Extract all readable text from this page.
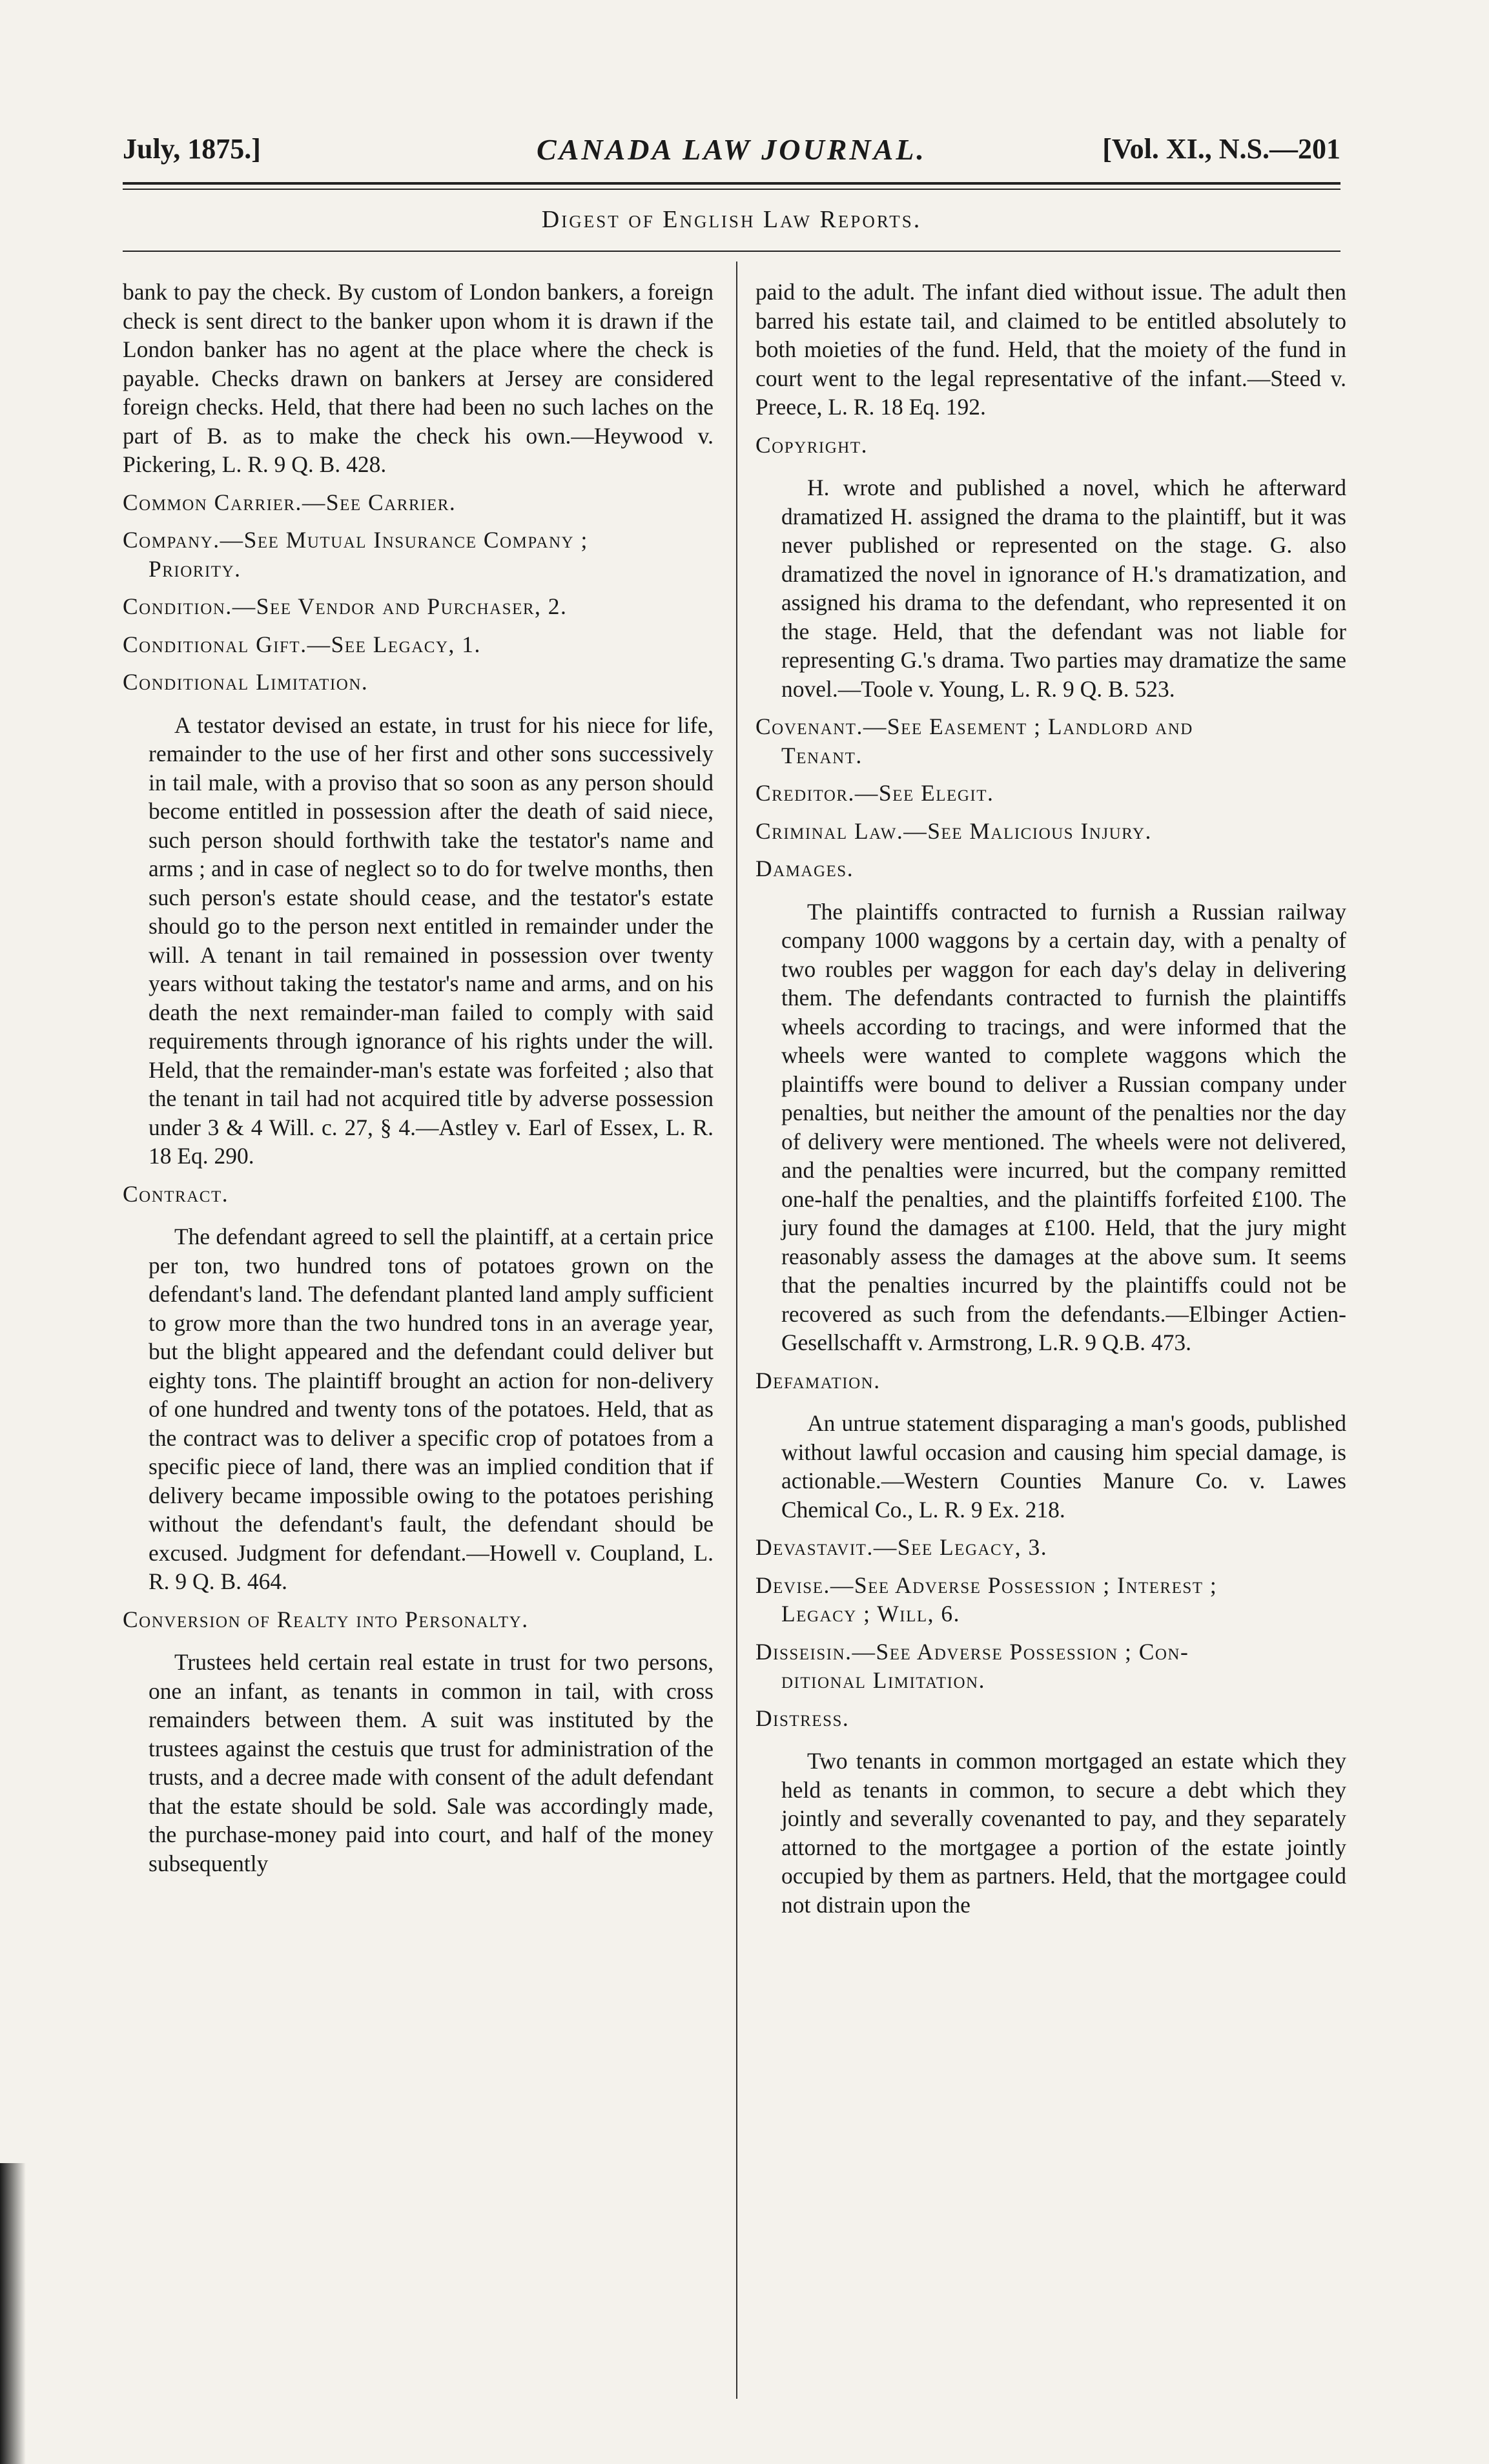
July, 1875.]	CANADA LAW JOURNAL.	[Vol. XI., N.S.—201
Digest of English Law Reports.

bank to pay the check. By custom of London bankers, a foreign check is sent direct to the banker upon whom it is drawn if the London banker has no agent at the place where the check is payable. Checks drawn on bankers at Jersey are considered foreign checks. Held, that there had been no such laches on the part of B. as to make the check his own.—Heywood v. Pickering, L. R. 9 Q. B. 428.

Common Carrier.—See Carrier.
Company.—See Mutual Insurance Company ;
Priority.
Condition.—See Vendor and Purchaser, 2.
Conditional Gift.—See Legacy, 1.
Conditional Limitation.

A testator devised an estate, in trust for his niece for life, remainder to the use of her first and other sons successively in tail male, with a proviso that so soon as any person should become entitled in possession after the death of said niece, such person should forthwith take the testator's name and arms ; and in case of neglect so to do for twelve months, then such person's estate should cease, and the testator's estate should go to the person next entitled in remainder under the will. A tenant in tail remained in possession over twenty years without taking the testator's name and arms, and on his death the next remainder-man failed to comply with said requirements through ignorance of his rights under the will. Held, that the remainder-man's estate was forfeited ; also that the tenant in tail had not acquired title by adverse possession under 3 & 4 Will. c. 27, § 4.—Astley v. Earl of Essex, L. R. 18 Eq. 290.

Contract.

The defendant agreed to sell the plaintiff, at a certain price per ton, two hundred tons of potatoes grown on the defendant's land. The defendant planted land amply sufficient to grow more than the two hundred tons in an average year, but the blight appeared and the defendant could deliver but eighty tons. The plaintiff brought an action for non-delivery of one hundred and twenty tons of the potatoes. Held, that as the contract was to deliver a specific crop of potatoes from a specific piece of land, there was an implied condition that if delivery became impossible owing to the potatoes perishing without the defendant's fault, the defendant should be excused. Judgment for defendant.—Howell v. Coupland, L. R. 9 Q. B. 464.

Conversion of Realty into Personalty.

Trustees held certain real estate in trust for two persons, one an infant, as tenants in common in tail, with cross remainders between them. A suit was instituted by the trustees against the cestuis que trust for administration of the trusts, and a decree made with consent of the adult defendant that the estate should be sold. Sale was accordingly made, the purchase-money paid into court, and half of the money subsequently

paid to the adult. The infant died without issue. The adult then barred his estate tail, and claimed to be entitled absolutely to both moieties of the fund. Held, that the moiety of the fund in court went to the legal representative of the infant.—Steed v. Preece, L. R. 18 Eq. 192.

Copyright.

H. wrote and published a novel, which he afterward dramatized H. assigned the drama to the plaintiff, but it was never published or represented on the stage. G. also dramatized the novel in ignorance of H.'s dramatization, and assigned his drama to the defendant, who represented it on the stage. Held, that the defendant was not liable for representing G.'s drama. Two parties may dramatize the same novel.—Toole v. Young, L. R. 9 Q. B. 523.

Covenant.—See Easement ; Landlord and
Tenant.
Creditor.—See Elegit.
Criminal Law.—See Malicious Injury.
Damages.

The plaintiffs contracted to furnish a Russian railway company 1000 waggons by a certain day, with a penalty of two roubles per waggon for each day's delay in delivering them. The defendants contracted to furnish the plaintiffs wheels according to tracings, and were informed that the wheels were wanted to complete waggons which the plaintiffs were bound to deliver a Russian company under penalties, but neither the amount of the penalties nor the day of delivery were mentioned. The wheels were not delivered, and the penalties were incurred, but the company remitted one-half the penalties, and the plaintiffs forfeited £100. The jury found the damages at £100. Held, that the jury might reasonably assess the damages at the above sum. It seems that the penalties incurred by the plaintiffs could not be recovered as such from the defendants.—Elbinger Actien-Gesellschafft v. Armstrong, L.R. 9 Q.B. 473.

Defamation.

An untrue statement disparaging a man's goods, published without lawful occasion and causing him special damage, is actionable.—Western Counties Manure Co. v. Lawes Chemical Co., L. R. 9 Ex. 218.

Devastavit.—See Legacy, 3.
Devise.—See Adverse Possession ; Interest ;
Legacy ; Will, 6.
Disseisin.—See Adverse Possession ; Con-
ditional Limitation.
Distress.

Two tenants in common mortgaged an estate which they held as tenants in common, to secure a debt which they jointly and severally covenanted to pay, and they separately attorned to the mortgagee a portion of the estate jointly occupied by them as partners. Held, that the mortgagee could not distrain upon the
